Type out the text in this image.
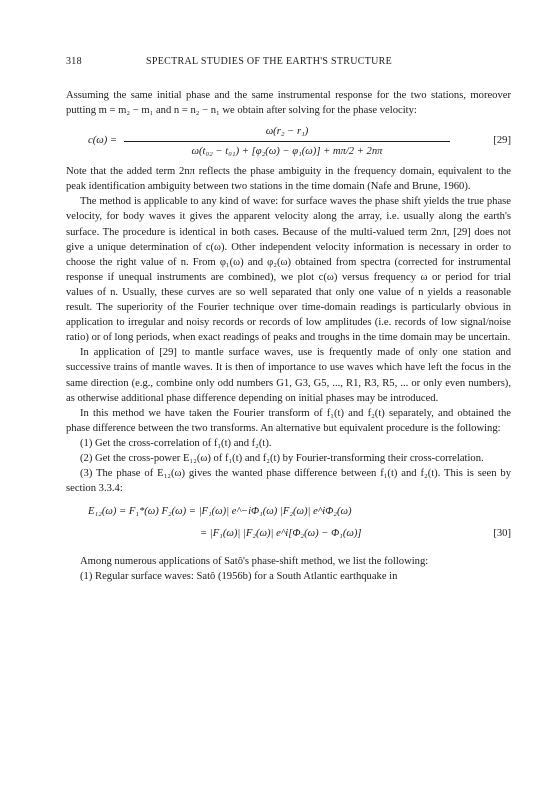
318	SPECTRAL STUDIES OF THE EARTH'S STRUCTURE

Assuming the same initial phase and the same instrumental response for the two stations, moreover putting m = m₂ − m₁ and n = n₂ − n₁ we obtain after solving for the phase velocity:

$c(\omega) = \frac{\text{ω(r₂ − r₁)}}{\text{ω(t₀₂ − t₀₁) + [φ₂(ω) − φ₁(ω)] + mπ/2 + 2nπ}}$	[29]

Note that the added term 2nπ reflects the phase ambiguity in the frequency domain, equivalent to the peak identification ambiguity between two stations in the time domain (Nafe and Brune, 1960).

The method is applicable to any kind of wave: for surface waves the phase shift yields the true phase velocity, for body waves it gives the apparent velocity along the array, i.e. usually along the earth's surface. The procedure is identical in both cases. Because of the multi-valued term 2nπ, [29] does not give a unique determination of c(ω). Other independent velocity information is necessary in order to choose the right value of n. From φ₁(ω) and φ₂(ω) obtained from spectra (corrected for instrumental response if unequal instruments are combined), we plot c(ω) versus frequency ω or period for trial values of n. Usually, these curves are so well separated that only one value of n yields a reasonable result. The superiority of the Fourier technique over time-domain readings is particularly obvious in application to irregular and noisy records or records of low amplitudes (i.e. records of low signal/noise ratio) or of long periods, when exact readings of peaks and troughs in the time domain may be uncertain.

In application of [29] to mantle surface waves, use is frequently made of only one station and successive trains of mantle waves. It is then of importance to use waves which have left the focus in the same direction (e.g., combine only odd numbers G1, G3, G5, ..., R1, R3, R5, ... or only even numbers), as otherwise additional phase difference depending on initial phases may be introduced.

In this method we have taken the Fourier transform of f₁(t) and f₂(t) separately, and obtained the phase difference between the two transforms. An alternative but equivalent procedure is the following:

(1) Get the cross-correlation of f₁(t) and f₂(t).

(2) Get the cross-power E₁₂(ω) of f₁(t) and f₂(t) by Fourier-transforming their cross-correlation.

(3) The phase of E₁₂(ω) gives the wanted phase difference between f₁(t) and f₂(t). This is seen by section 3.3.4:

E₁₂(ω) = F₁*(ω) F₂(ω) = |F₁(ω)| e^−iΦ₁(ω) |F₂(ω)| e^iΦ₂(ω)
= |F₁(ω)| |F₂(ω)| e^i[Φ₂(ω) − Φ₁(ω)]	[30]

Among numerous applications of Satô's phase-shift method, we list the following:

(1) Regular surface waves: Satô (1956b) for a South Atlantic earthquake in
